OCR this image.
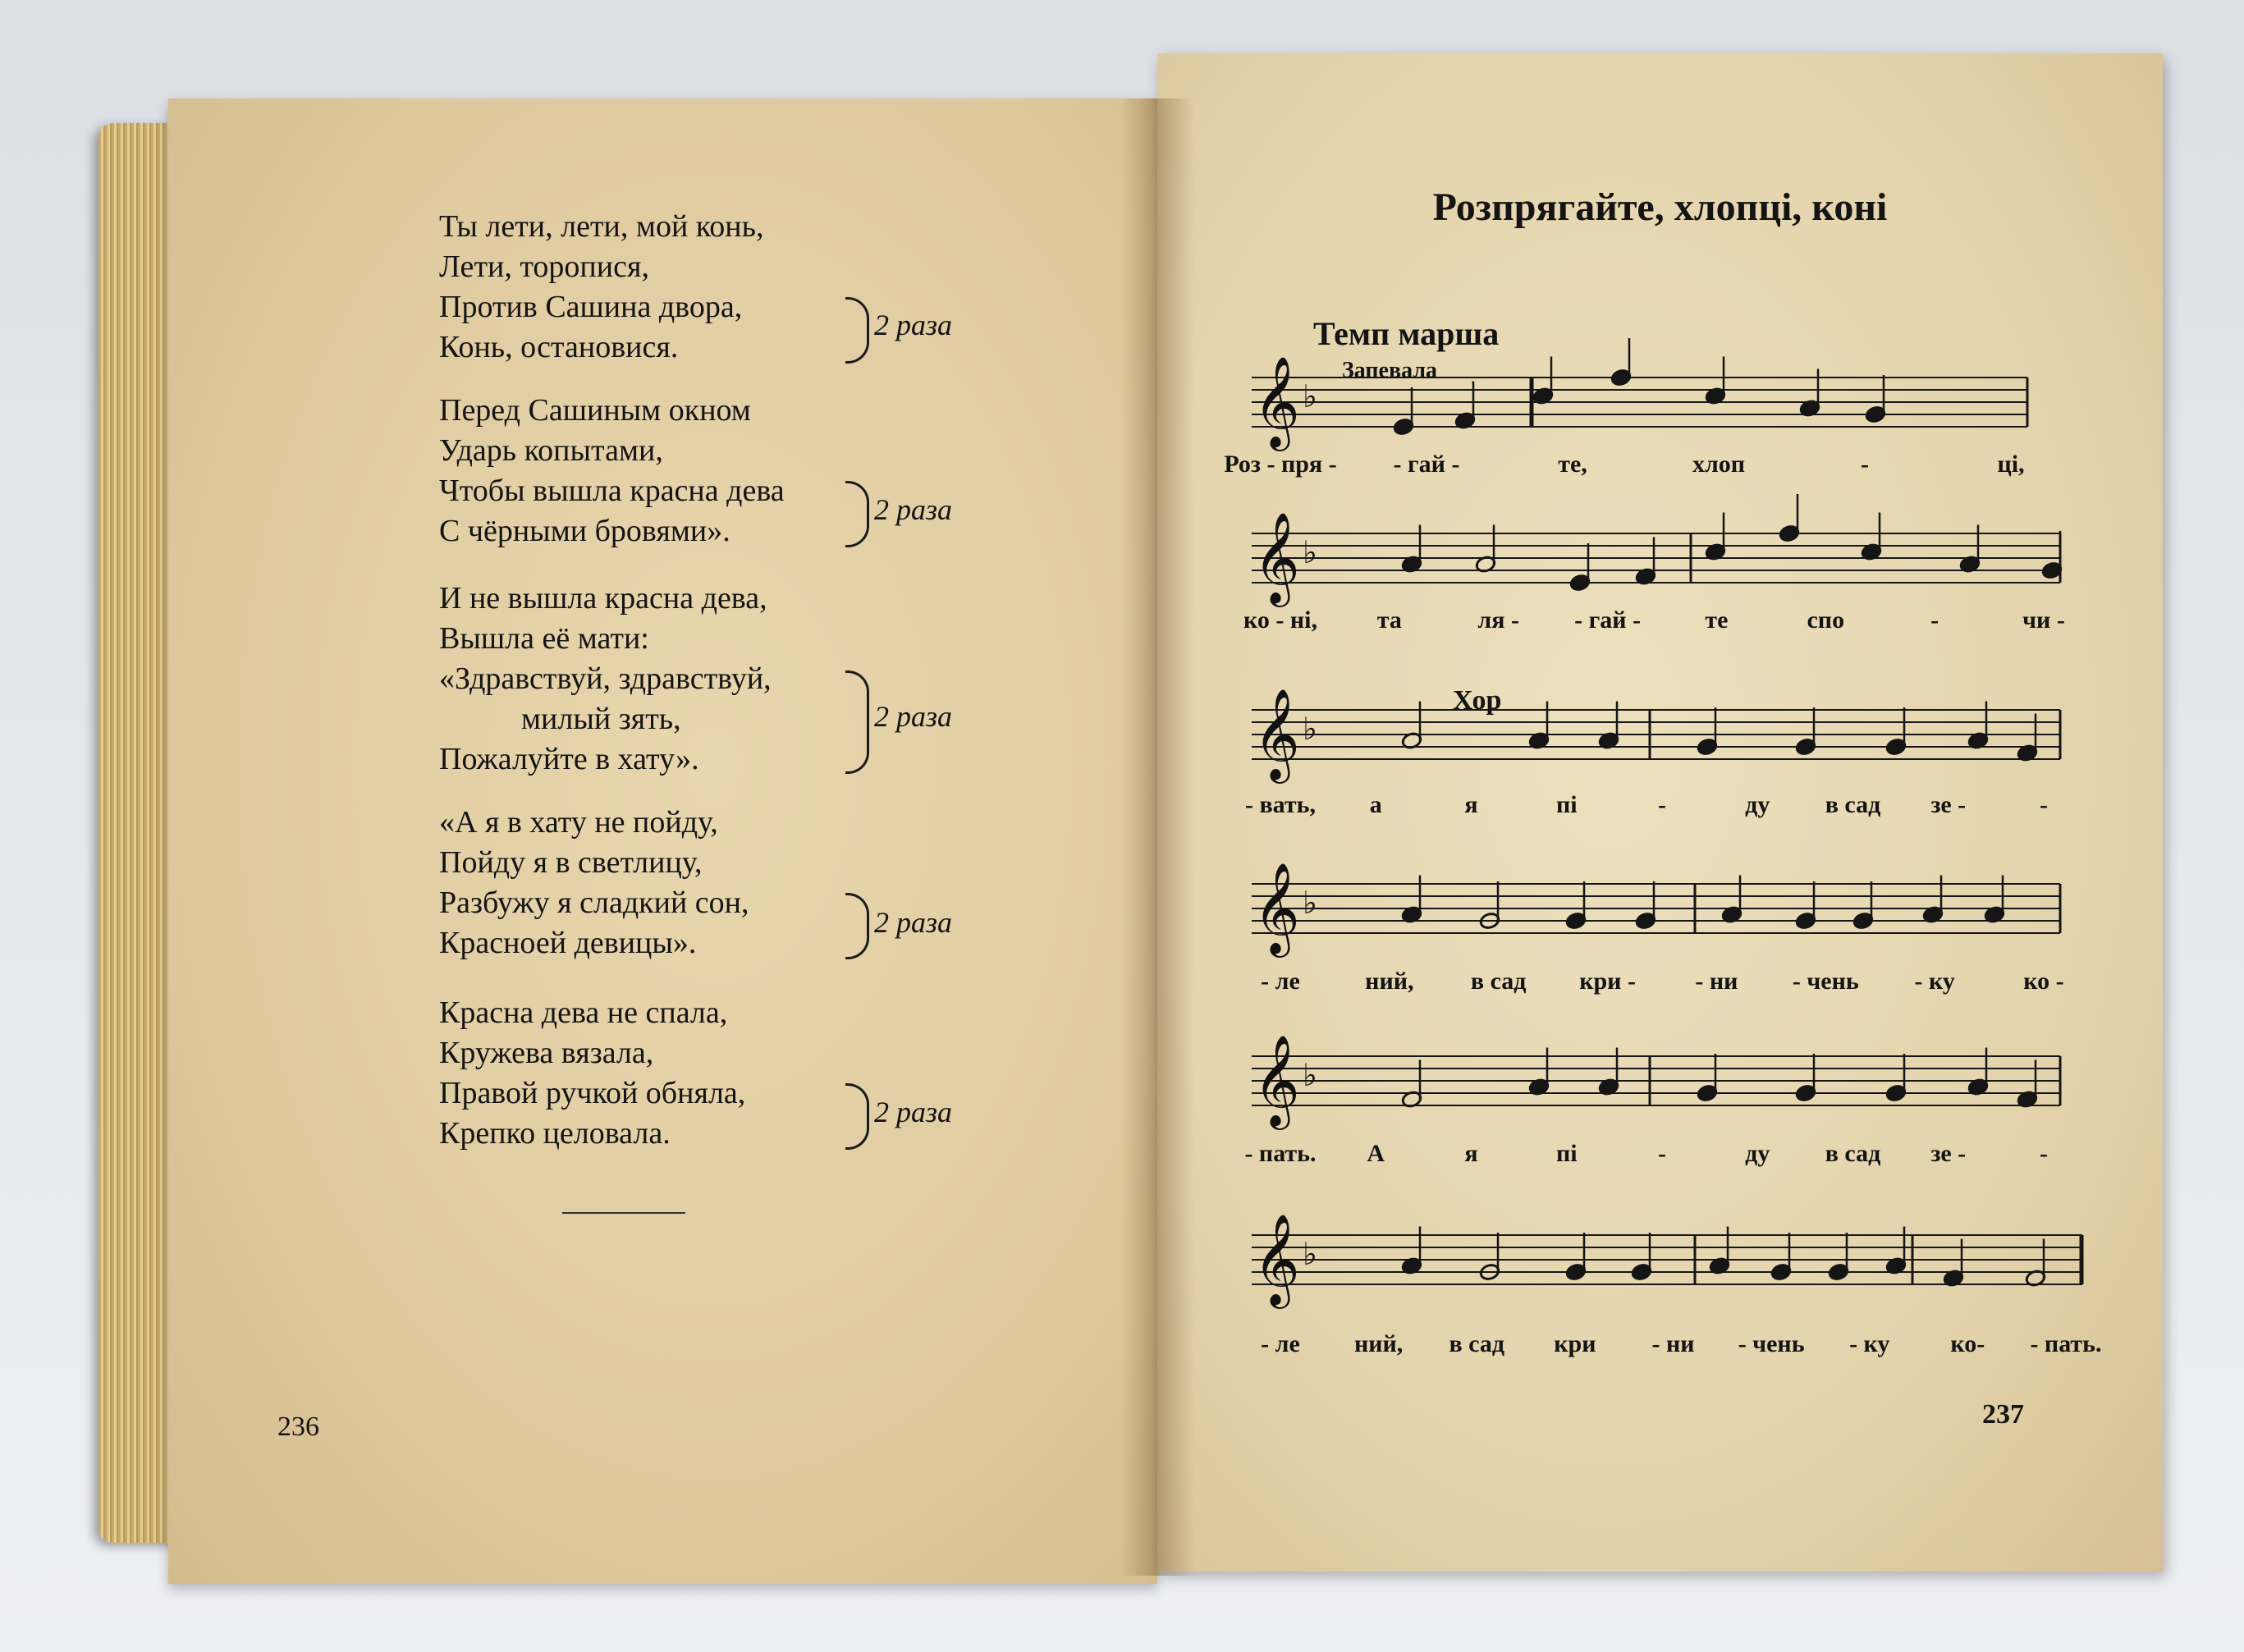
Ты лети, лети, мой конь,
Лети, торопися,
Против Сашина двора,
Конь, остановися.
2 раза
Перед Сашиным окном
Ударь копытами,
Чтобы вышла красна дева
С чёрными бровями».
2 раза
И не вышла красна дева,
Вышла её мати:
«Здравствуй, здравствуй,
милый зять,
Пожалуйте в хату».
2 раза
«А я в хату не пойду,
Пойду я в светлицу,
Разбужу я сладкий сон,
Красноей девицы».
2 раза
Красна дева не спала,
Кружева вязала,
Правой ручкой обняла,
Крепко целовала.
2 раза
236
Розпрягайте, хлопці, коні
Темп марша
Запевала
Хор
𝄞 ♭
Роз - пря - - гай -	те,	хлоп	-	ці,
𝄞 ♭
ко - ні, та	ля - - гай -	те	спо	-	чи -
𝄞 ♭
- вать, а	я	пі	-	ду в сад зе -	-
𝄞 ♭
- ле	ний, в сад кри - - ни - чень - ку	ко -
𝄞 ♭
- пать. А	я	пі	-	ду в сад зе -	-
𝄞 ♭
- ле ний, в сад кри - ни - чень - ку ко- - пать.
237
